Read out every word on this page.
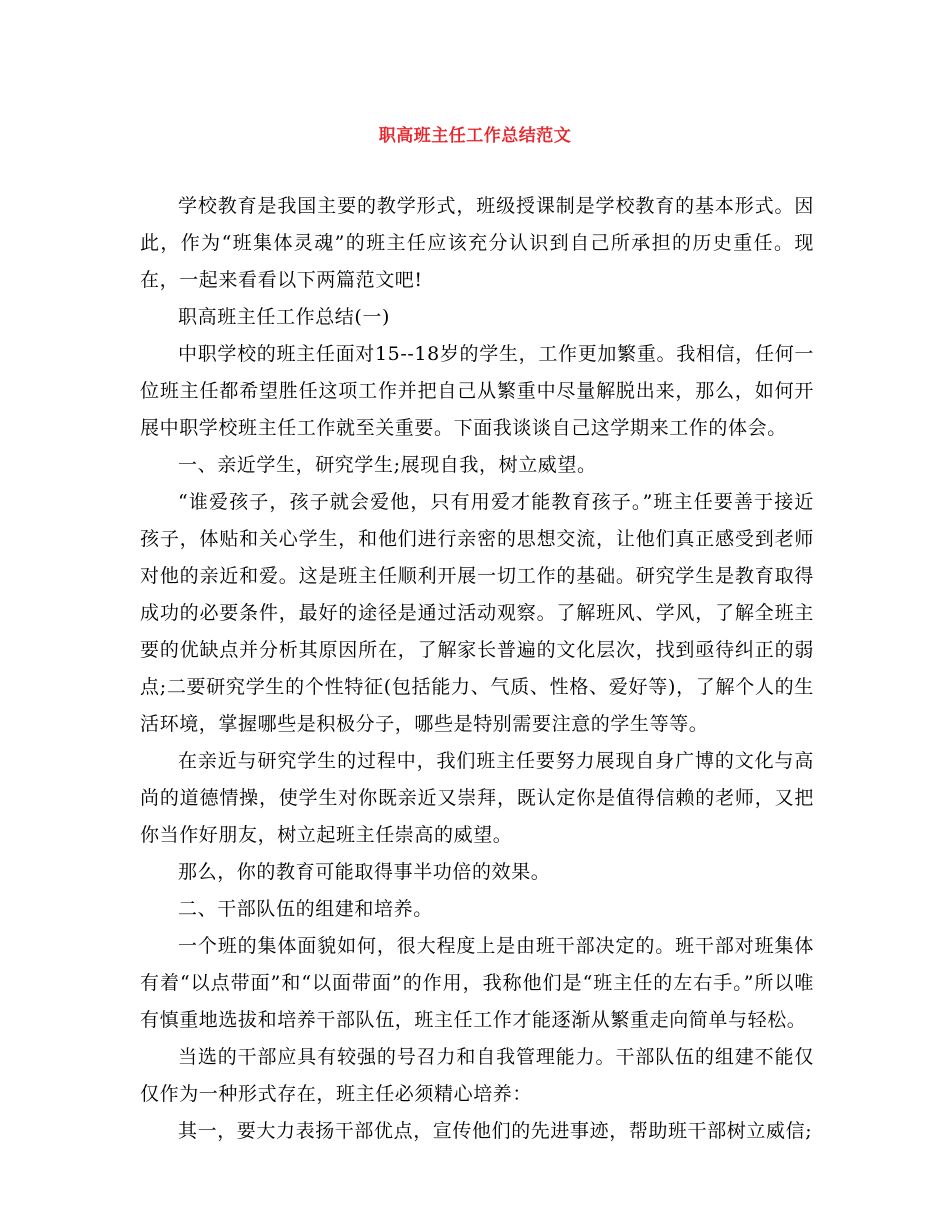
职高班主任工作总结范文

学校教育是我国主要的教学形式，班级授课制是学校教育的基本形式。因此，作为“班集体灵魂”的班主任应该充分认识到自己所承担的历史重任。现在，一起来看看以下两篇范文吧!

职高班主任工作总结(一)

中职学校的班主任面对15--18岁的学生，工作更加繁重。我相信，任何一位班主任都希望胜任这项工作并把自己从繁重中尽量解脱出来，那么，如何开展中职学校班主任工作就至关重要。下面我谈谈自己这学期来工作的体会。

一、亲近学生，研究学生;展现自我，树立威望。

“谁爱孩子，孩子就会爱他，只有用爱才能教育孩子。”班主任要善于接近孩子，体贴和关心学生，和他们进行亲密的思想交流，让他们真正感受到老师对他的亲近和爱。这是班主任顺利开展一切工作的基础。研究学生是教育取得成功的必要条件，最好的途径是通过活动观察。了解班风、学风，了解全班主要的优缺点并分析其原因所在，了解家长普遍的文化层次，找到亟待纠正的弱点;二要研究学生的个性特征(包括能力、气质、性格、爱好等)，了解个人的生活环境，掌握哪些是积极分子，哪些是特别需要注意的学生等等。

在亲近与研究学生的过程中，我们班主任要努力展现自身广博的文化与高尚的道德情操，使学生对你既亲近又崇拜，既认定你是值得信赖的老师，又把你当作好朋友，树立起班主任崇高的威望。

那么，你的教育可能取得事半功倍的效果。

二、干部队伍的组建和培养。

一个班的集体面貌如何，很大程度上是由班干部决定的。班干部对班集体有着“以点带面”和“以面带面”的作用，我称他们是“班主任的左右手。”所以唯有慎重地选拔和培养干部队伍，班主任工作才能逐渐从繁重走向简单与轻松。

当选的干部应具有较强的号召力和自我管理能力。干部队伍的组建不能仅仅作为一种形式存在，班主任必须精心培养：

其一，要大力表扬干部优点，宣传他们的先进事迹，帮助班干部树立威信;
